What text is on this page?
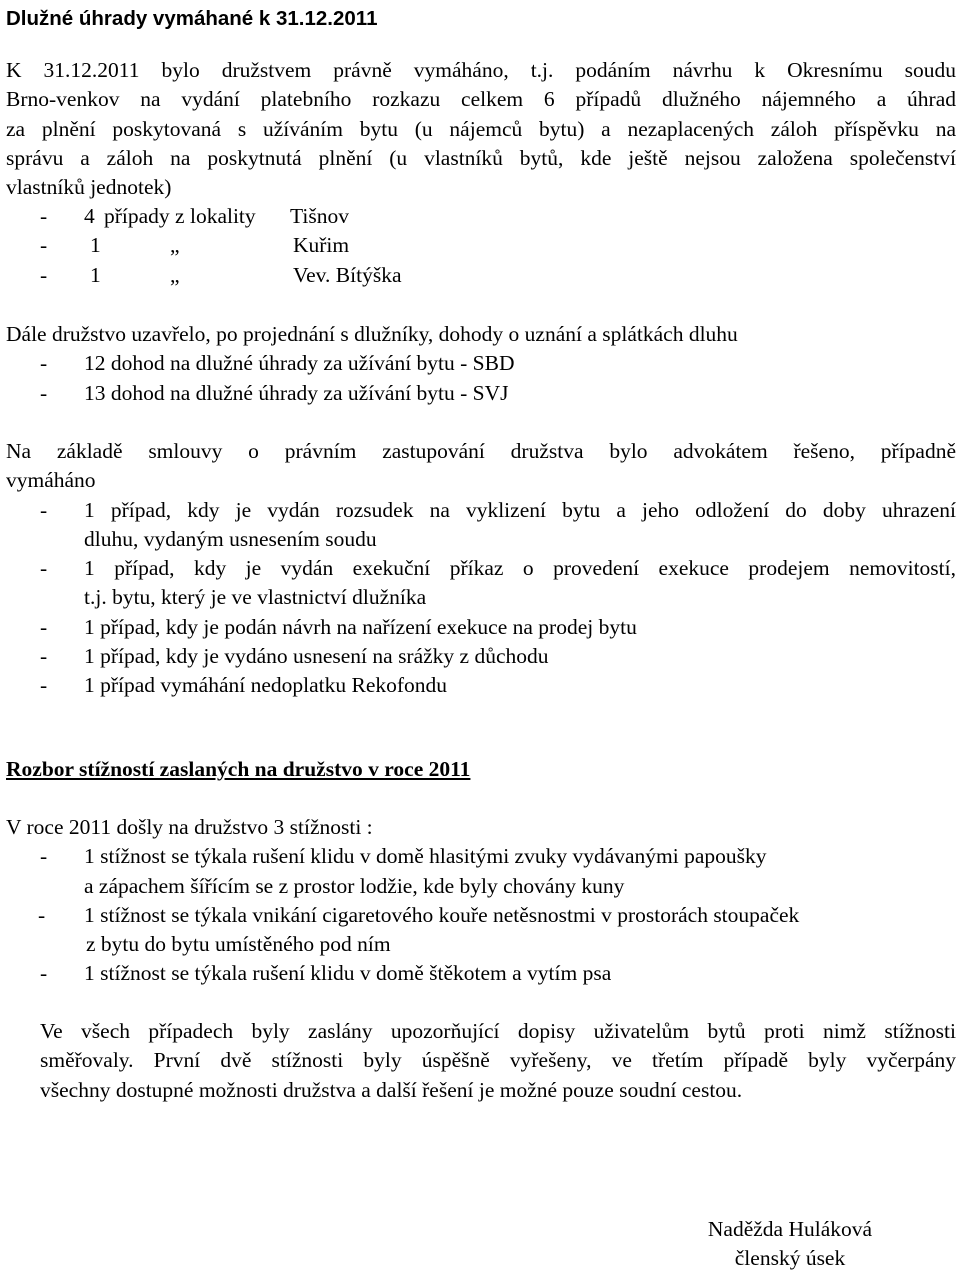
Dlužné úhrady vymáhané k 31.12.2011
K 31.12.2011 bylo družstvem právně vymáháno, t.j. podáním návrhu k Okresnímu soudu
Brno-venkov na vydání platebního rozkazu celkem 6 případů dlužného nájemného a úhrad
za plnění poskytovaná s užíváním bytu (u nájemců bytu) a nezaplacených záloh příspěvku na
správu a záloh na poskytnutá plnění (u vlastníků bytů, kde ještě nejsou založena společenství
vlastníků jednotek)
- 4 případy z lokality Tišnov
- 1	„	Kuřim
- 1	„	Vev. Bítýška
Dále družstvo uzavřelo, po projednání s dlužníky, dohody o uznání a splátkách dluhu
- 12 dohod na dlužné úhrady za užívání bytu - SBD
- 13 dohod na dlužné úhrady za užívání bytu - SVJ
Na základě smlouvy o právním zastupování družstva bylo advokátem řešeno, případně
vymáháno
- 1 případ, kdy je vydán rozsudek na vyklizení bytu a jeho odložení do doby uhrazení
dluhu, vydaným usnesením soudu
- 1 případ, kdy je vydán exekuční příkaz o provedení exekuce prodejem nemovitostí,
t.j. bytu, který je ve vlastnictví dlužníka
- 1 případ, kdy je podán návrh na nařízení exekuce na prodej bytu
- 1 případ, kdy je vydáno usnesení na srážky z důchodu
- 1 případ vymáhání nedoplatku Rekofondu
Rozbor stížností zaslaných na družstvo v roce 2011
V roce 2011 došly na družstvo 3 stížnosti :
- 1 stížnost se týkala rušení klidu v domě hlasitými zvuky vydávanými papoušky
a zápachem šířícím se z prostor lodžie, kde byly chovány kuny
- 1 stížnost se týkala vnikání cigaretového kouře netěsnostmi v prostorách stoupaček
z bytu do bytu umístěného pod ním
- 1 stížnost se týkala rušení klidu v domě štěkotem a vytím psa
Ve všech případech byly zaslány upozorňující dopisy uživatelům bytů proti nimž stížnosti
směřovaly. První dvě stížnosti byly úspěšně vyřešeny, ve třetím případě byly vyčerpány
všechny dostupné možnosti družstva a další řešení je možné pouze soudní cestou.
Naděžda Huláková
členský úsek
